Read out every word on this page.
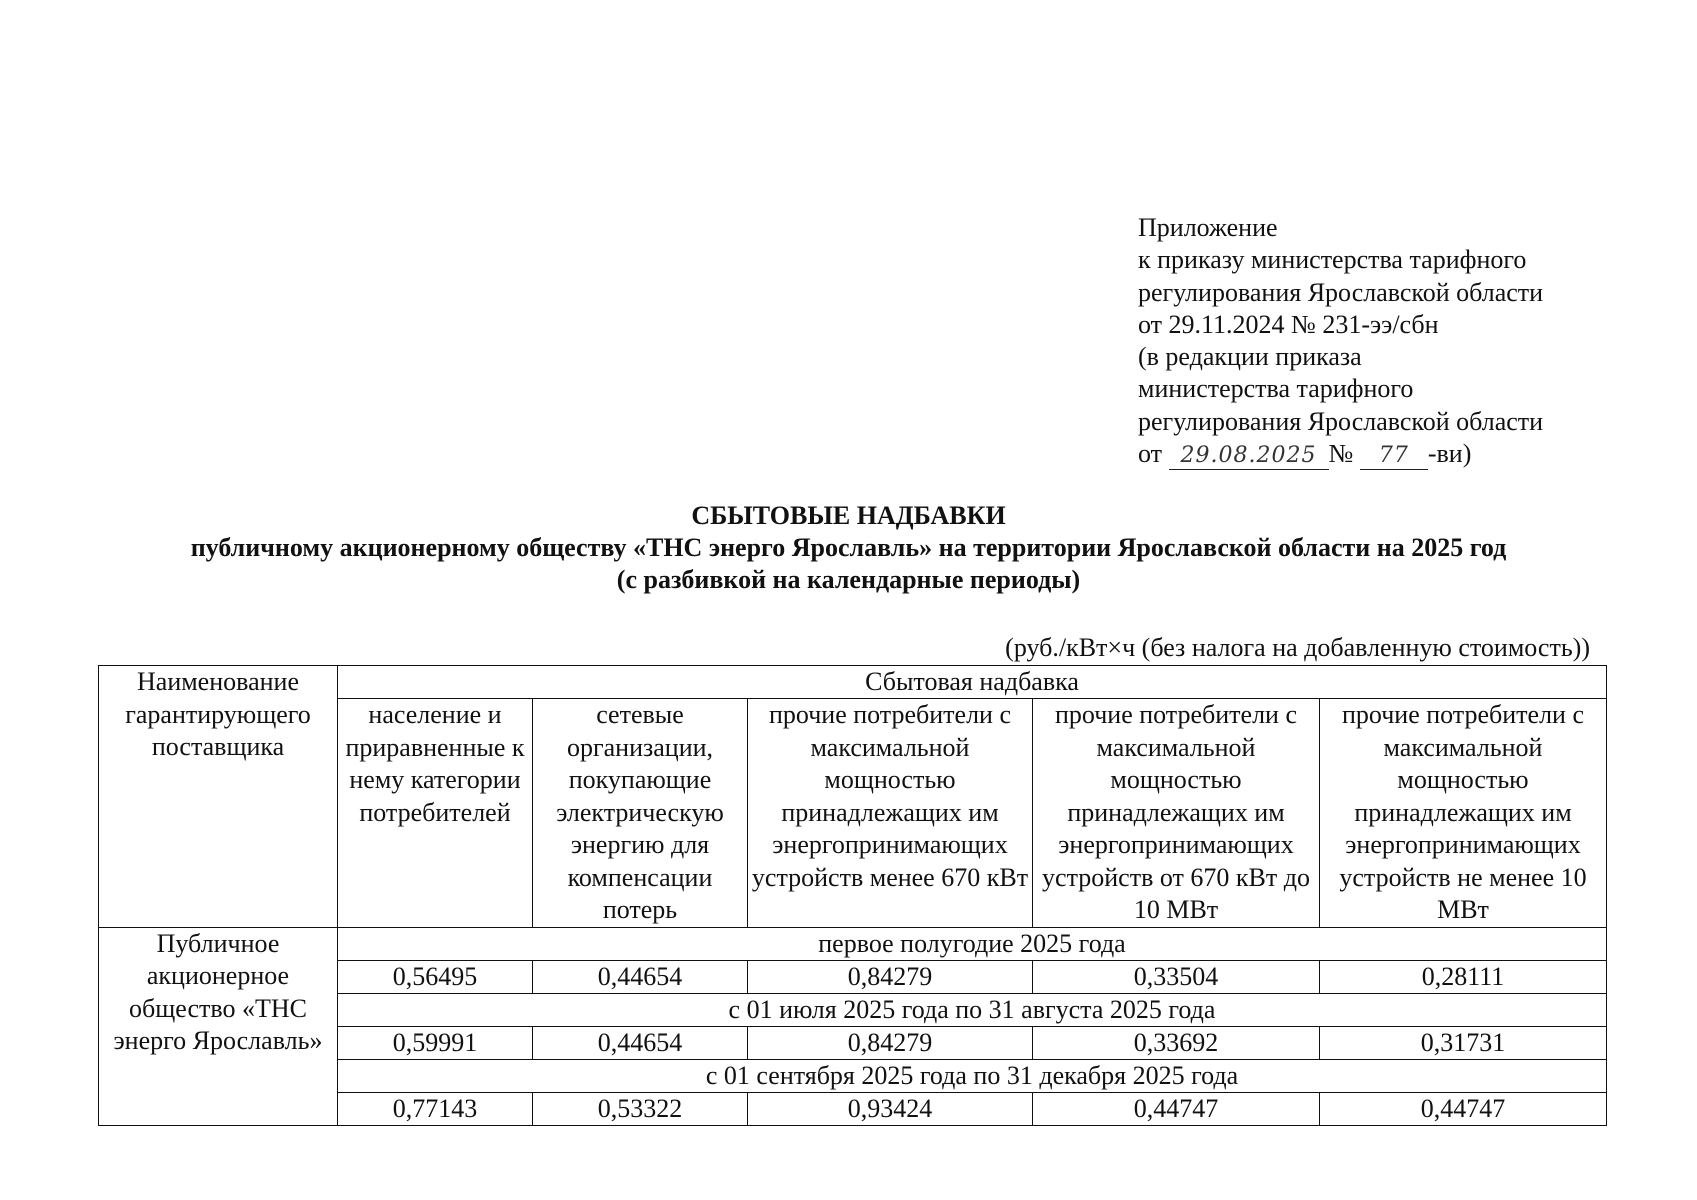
Приложение
к приказу министерства тарифного
регулирования Ярославской области
от 29.11.2024 № 231-ээ/сбн
(в редакции приказа
министерства тарифного
регулирования Ярославской области
от 29.08.2025 № 77 -ви)
СБЫТОВЫЕ НАДБАВКИ
публичному акционерному обществу «ТНС энерго Ярославль» на территории Ярославской области на 2025 год
(с разбивкой на календарные периоды)
(руб./кВт×ч (без налога на добавленную стоимость))
Наименование гарантирующего поставщика	Сбытовая надбавка				
	население и приравненные к нему категории потребителей	сетевые организации, покупающие электрическую энергию для компенсации потерь	прочие потребители с максимальной мощностью принадлежащих им энергопринимающих устройств менее 670 кВт	прочие потребители с максимальной мощностью принадлежащих им энергопринимающих устройств от 670 кВт до 10 МВт	прочие потребители с максимальной мощностью принадлежащих им энергопринимающих устройств не менее 10 МВт
Публичное акционерное общество «ТНС энерго Ярославль»	первое полугодие 2025 года				
	0,56495	0,44654	0,84279	0,33504	0,28111
	с 01 июля 2025 года по 31 августа 2025 года				
	0,59991	0,44654	0,84279	0,33692	0,31731
	с 01 сентября 2025 года по 31 декабря 2025 года				
	0,77143	0,53322	0,93424	0,44747	0,44747
